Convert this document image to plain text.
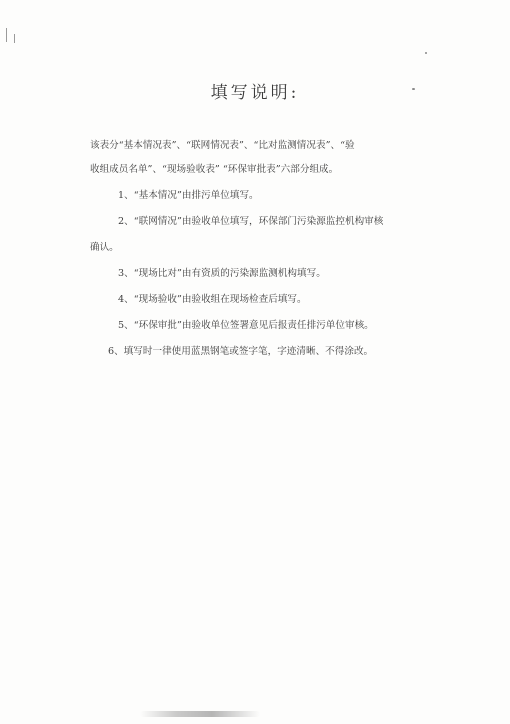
填写说明:
该表分“基本情况表”、“联网情况表”、“比对监测情况表”、“验
收组成员名单”、“现场验收表” “环保审批表”六部分组成。
1、“基本情况”由排污单位填写。
2、“联网情况”由验收单位填写，环保部门污染源监控机构审核
确认。
3、“现场比对”由有资质的污染源监测机构填写。
4、“现场验收”由验收组在现场检查后填写。
5、“环保审批”由验收单位签署意见后报责任排污单位审核。
6、填写时一律使用蓝黑钢笔或签字笔，字迹清晰、不得涂改。
